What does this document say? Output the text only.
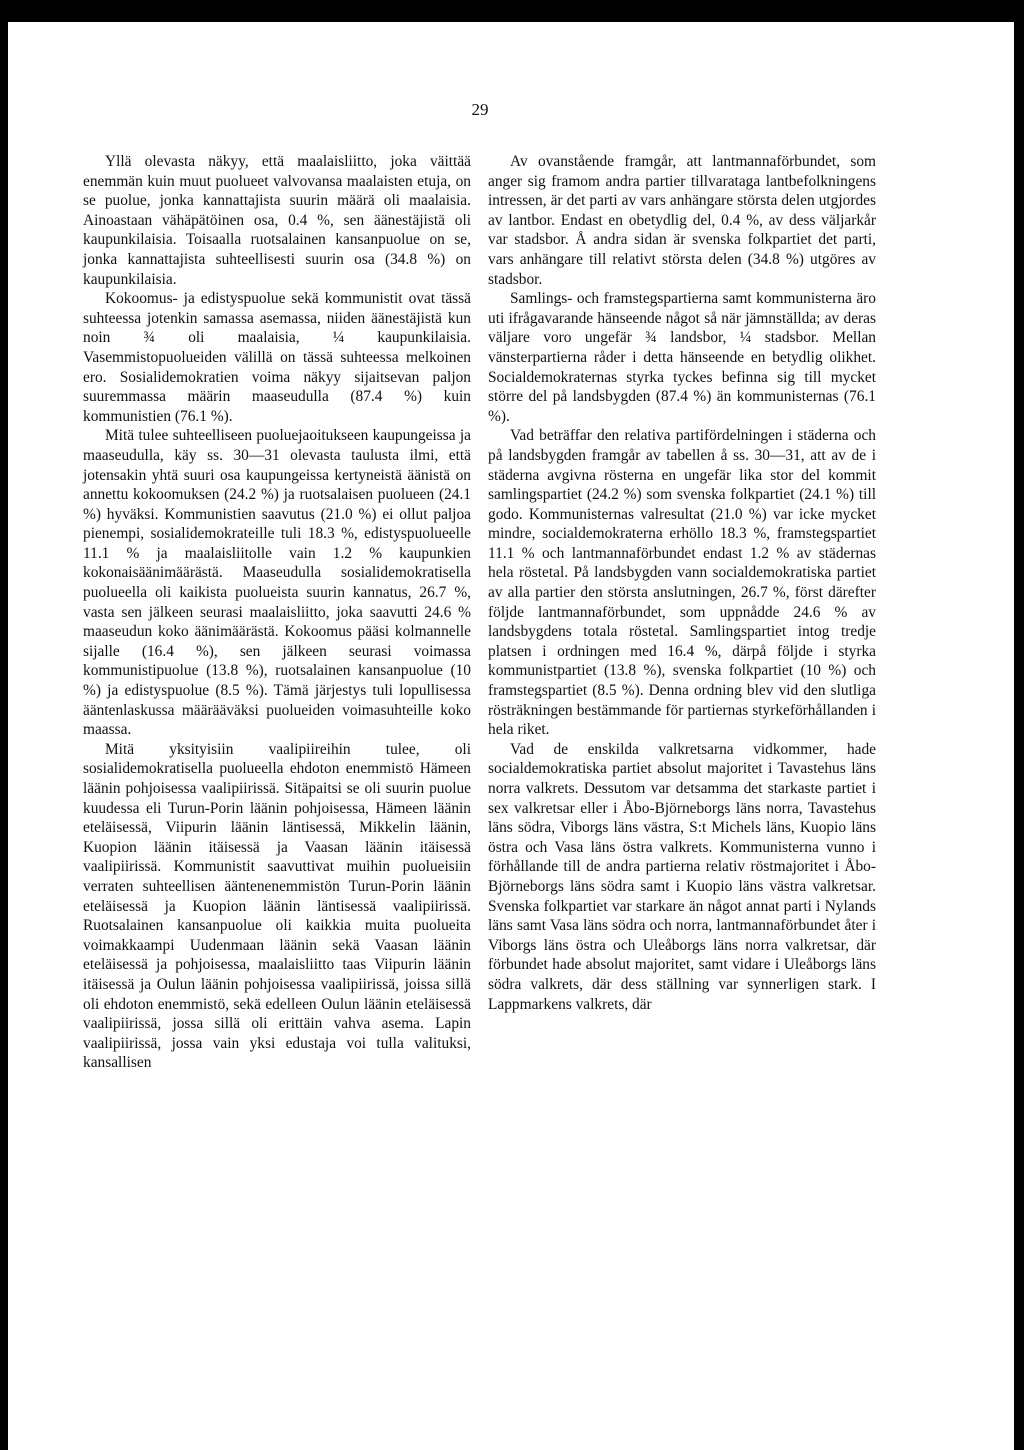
29

Yllä olevasta näkyy, että maalaisliitto, joka väittää enemmän kuin muut puolueet valvovansa maalaisten etuja, on se puolue, jonka kannattajista suurin määrä oli maalaisia. Ainoastaan vähäpätöinen osa, 0.4 %, sen äänestäjistä oli kaupunkilaisia. Toisaalla ruotsalainen kansanpuolue on se, jonka kannattajista suhteellisesti suurin osa (34.8 %) on kaupunkilaisia.

Kokoomus- ja edistyspuolue sekä kommunistit ovat tässä suhteessa jotenkin samassa asemassa, niiden äänestäjistä kun noin ¾ oli maalaisia, ¼ kaupunkilaisia. Vasemmistopuolueiden välillä on tässä suhteessa melkoinen ero. Sosialidemokratien voima näkyy sijaitsevan paljon suuremmassa määrin maaseudulla (87.4 %) kuin kommunistien (76.1 %).

Mitä tulee suhteelliseen puoluejaoitukseen kaupungeissa ja maaseudulla, käy ss. 30—31 olevasta taulusta ilmi, että jotensakin yhtä suuri osa kaupungeissa kertyneistä äänistä on annettu kokoomuksen (24.2 %) ja ruotsalaisen puolueen (24.1 %) hyväksi. Kommunistien saavutus (21.0 %) ei ollut paljoa pienempi, sosialidemokrateille tuli 18.3 %, edistyspuolueelle 11.1 % ja maalaisliitolle vain 1.2 % kaupunkien kokonaisäänimäärästä. Maaseudulla sosialidemokratisella puolueella oli kaikista puolueista suurin kannatus, 26.7 %, vasta sen jälkeen seurasi maalaisliitto, joka saavutti 24.6 % maaseudun koko äänimäärästä. Kokoomus pääsi kolmannelle sijalle (16.4 %), sen jälkeen seurasi voimassa kommunistipuolue (13.8 %), ruotsalainen kansanpuolue (10 %) ja edistyspuolue (8.5 %). Tämä järjestys tuli lopullisessa ääntenlaskussa määrääväksi puolueiden voimasuhteille koko maassa.

Mitä yksityisiin vaalipiireihin tulee, oli sosialidemokratisella puolueella ehdoton enemmistö Hämeen läänin pohjoisessa vaalipiirissä. Sitäpaitsi se oli suurin puolue kuudessa eli Turun-Porin läänin pohjoisessa, Hämeen läänin eteläisessä, Viipurin läänin läntisessä, Mikkelin läänin, Kuopion läänin itäisessä ja Vaasan läänin itäisessä vaalipiirissä. Kommunistit saavuttivat muihin puolueisiin verraten suhteellisen ääntenenemmistön Turun-Porin läänin eteläisessä ja Kuopion läänin läntisessä vaalipiirissä. Ruotsalainen kansanpuolue oli kaikkia muita puolueita voimakkaampi Uudenmaan läänin sekä Vaasan läänin eteläisessä ja pohjoisessa, maalaisliitto taas Viipurin läänin itäisessä ja Oulun läänin pohjoisessa vaalipiirissä, joissa sillä oli ehdoton enemmistö, sekä edelleen Oulun läänin eteläisessä vaalipiirissä, jossa sillä oli erittäin vahva asema. Lapin vaalipiirissä, jossa vain yksi edustaja voi tulla valituksi, kansallisen

Av ovanstående framgår, att lantmannaförbundet, som anger sig framom andra partier tillvarataga lantbefolkningens intressen, är det parti av vars anhängare största delen utgjordes av lantbor. Endast en obetydlig del, 0.4 %, av dess väljarkår var stadsbor. Å andra sidan är svenska folkpartiet det parti, vars anhängare till relativt största delen (34.8 %) utgöres av stadsbor.

Samlings- och framstegspartierna samt kommunisterna äro uti ifrågavarande hänseende något så när jämnställda; av deras väljare voro ungefär ¾ landsbor, ¼ stadsbor. Mellan vänsterpartierna råder i detta hänseende en betydlig olikhet. Socialdemokraternas styrka tyckes befinna sig till mycket större del på landsbygden (87.4 %) än kommunisternas (76.1 %).

Vad beträffar den relativa partifördelningen i städerna och på landsbygden framgår av tabellen å ss. 30—31, att av de i städerna avgivna rösterna en ungefär lika stor del kommit samlingspartiet (24.2 %) som svenska folkpartiet (24.1 %) till godo. Kommunisternas valresultat (21.0 %) var icke mycket mindre, socialdemokraterna erhöllo 18.3 %, framstegspartiet 11.1 % och lantmannaförbundet endast 1.2 % av städernas hela röstetal. På landsbygden vann socialdemokratiska partiet av alla partier den största anslutningen, 26.7 %, först därefter följde lantmannaförbundet, som uppnådde 24.6 % av landsbygdens totala röstetal. Samlingspartiet intog tredje platsen i ordningen med 16.4 %, därpå följde i styrka kommunistpartiet (13.8 %), svenska folkpartiet (10 %) och framstegspartiet (8.5 %). Denna ordning blev vid den slutliga rösträkningen bestämmande för partiernas styrkeförhållanden i hela riket.

Vad de enskilda valkretsarna vidkommer, hade socialdemokratiska partiet absolut majoritet i Tavastehus läns norra valkrets. Dessutom var detsamma det starkaste partiet i sex valkretsar eller i Åbo-Björneborgs läns norra, Tavastehus läns södra, Viborgs läns västra, S:t Michels läns, Kuopio läns östra och Vasa läns östra valkrets. Kommunisterna vunno i förhållande till de andra partierna relativ röstmajoritet i Åbo-Björneborgs läns södra samt i Kuopio läns västra valkretsar. Svenska folkpartiet var starkare än något annat parti i Nylands läns samt Vasa läns södra och norra, lantmannaförbundet åter i Viborgs läns östra och Uleåborgs läns norra valkretsar, där förbundet hade absolut majoritet, samt vidare i Uleåborgs läns södra valkrets, där dess ställning var synnerligen stark. I Lappmarkens valkrets, där
